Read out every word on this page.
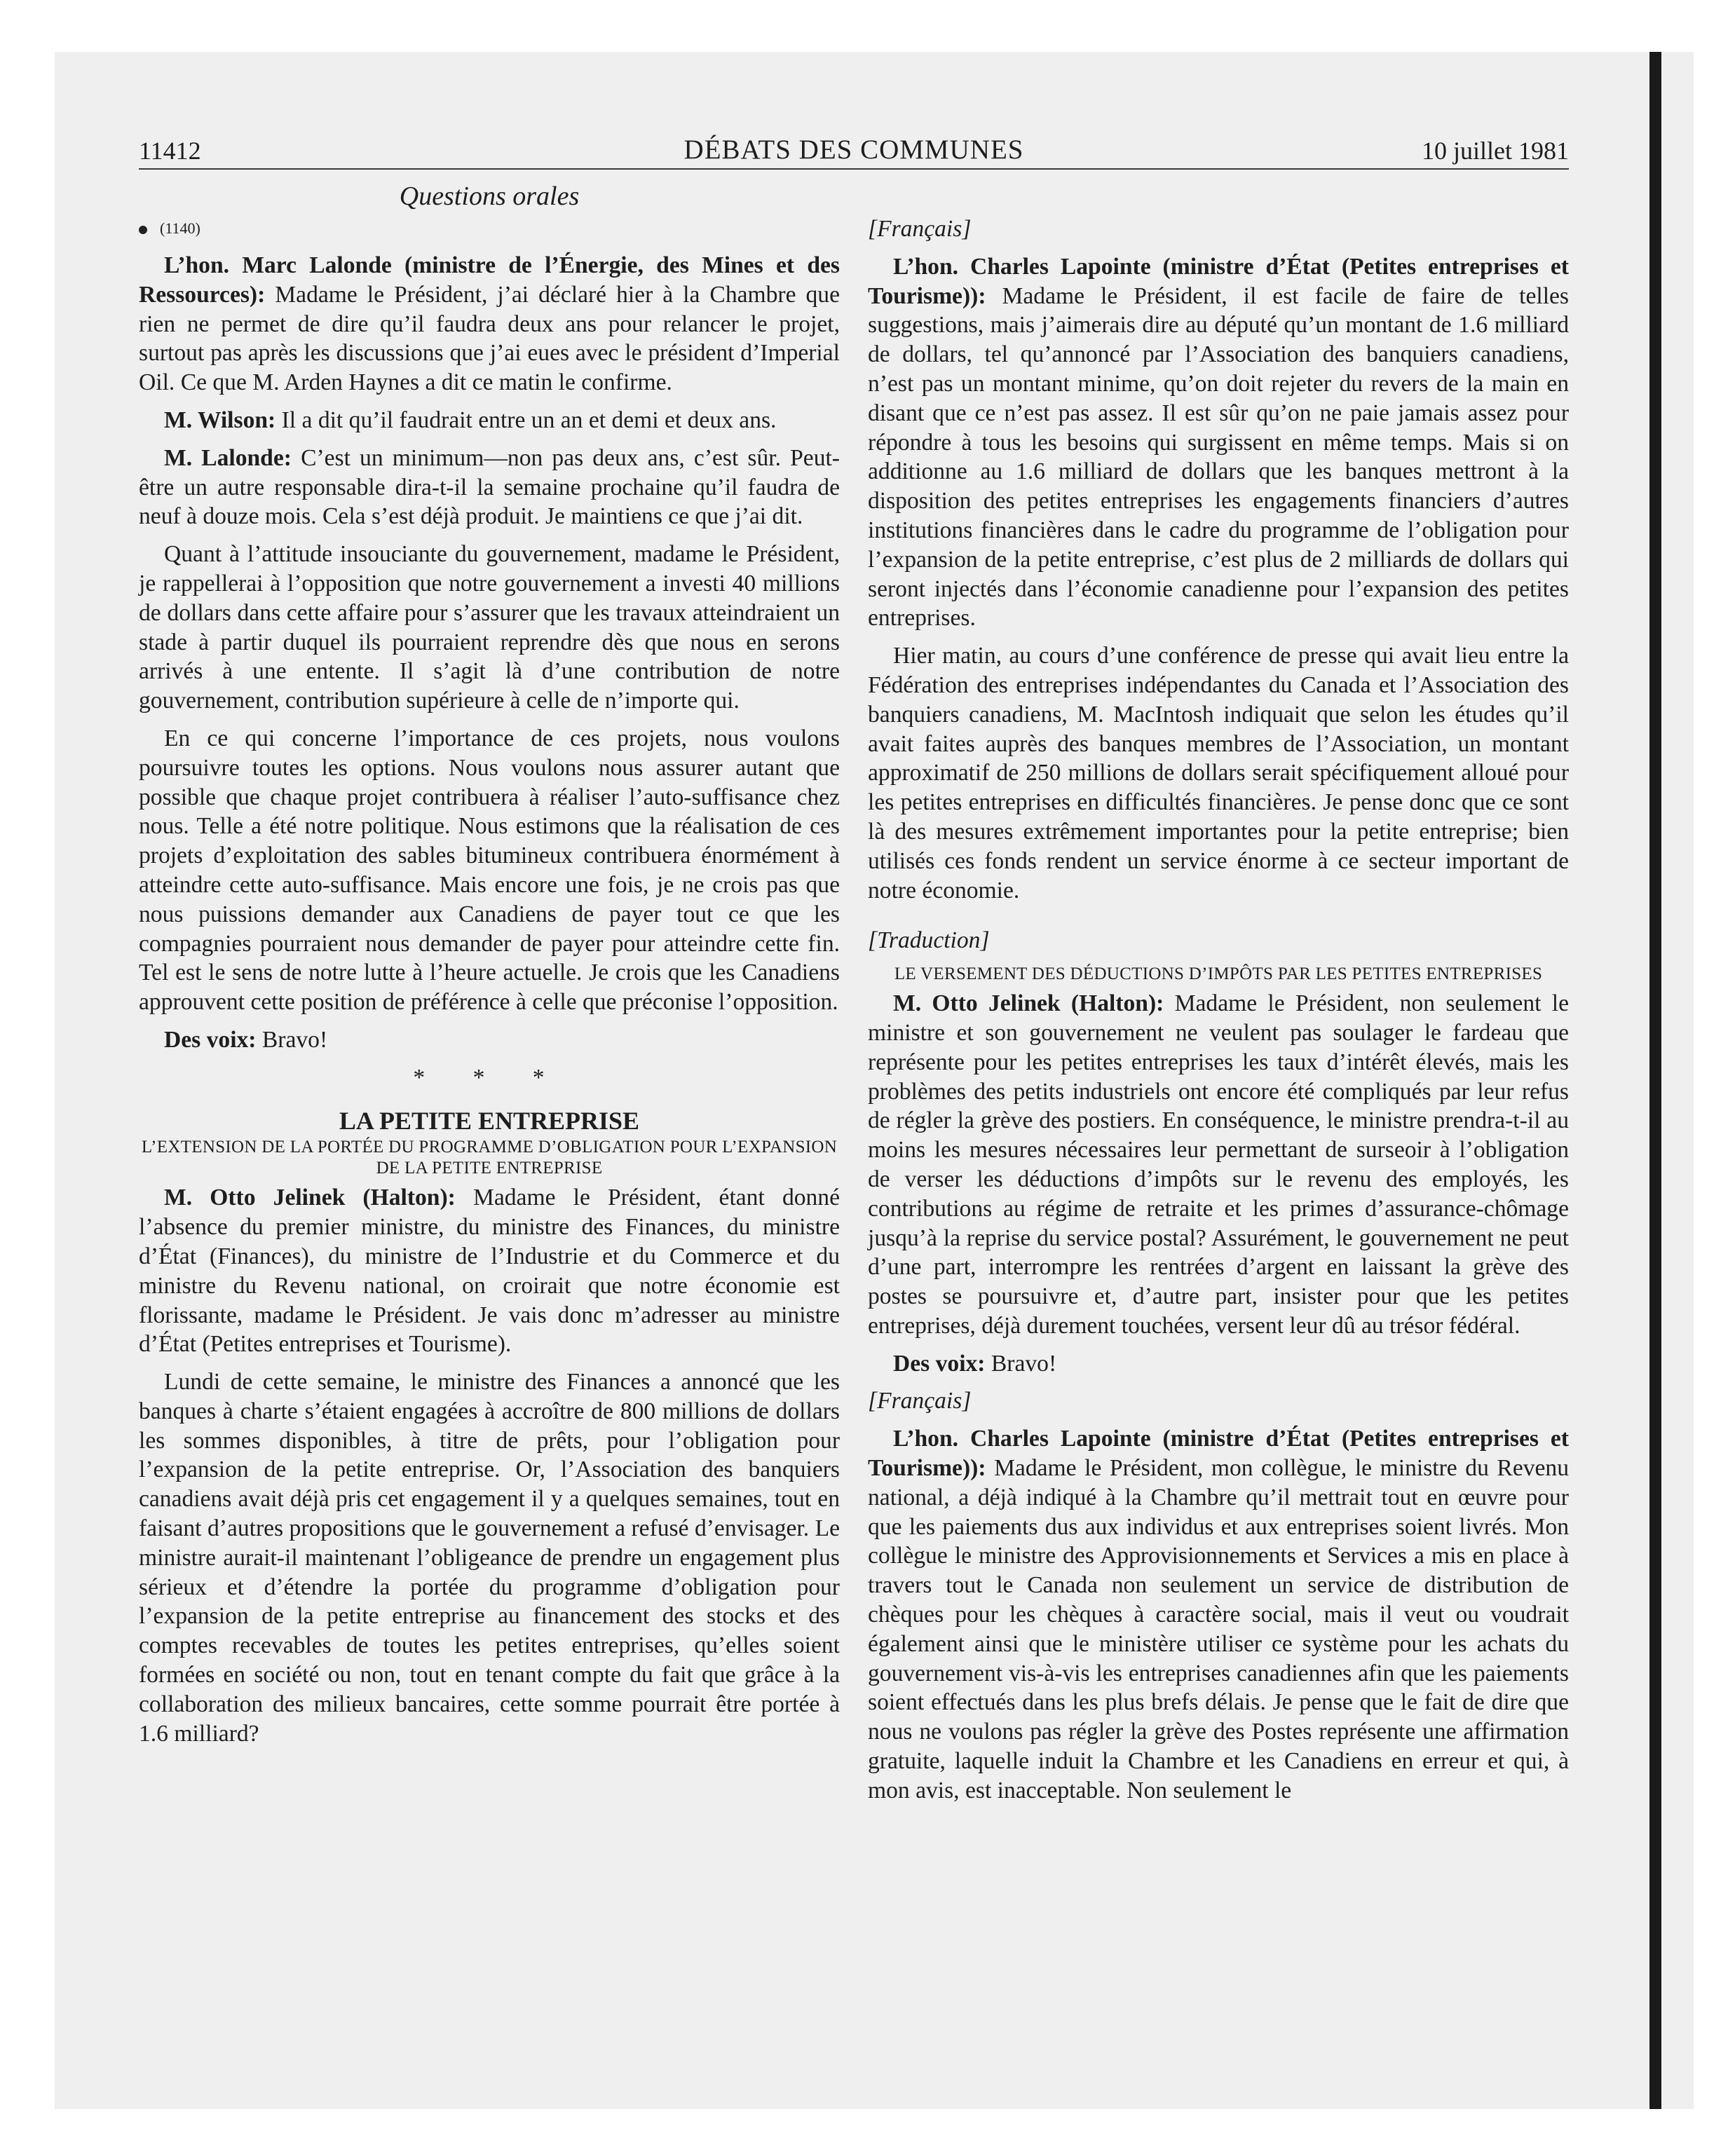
11412	DÉBATS DES COMMUNES	10 juillet 1981
Questions orales

(1140)

L’hon. Marc Lalonde (ministre de l’Énergie, des Mines et des Ressources): Madame le Président, j’ai déclaré hier à la Chambre que rien ne permet de dire qu’il faudra deux ans pour relancer le projet, surtout pas après les discussions que j’ai eues avec le président d’Imperial Oil. Ce que M. Arden Haynes a dit ce matin le confirme.

M. Wilson: Il a dit qu’il faudrait entre un an et demi et deux ans.

M. Lalonde: C’est un minimum—non pas deux ans, c’est sûr. Peut-être un autre responsable dira-t-il la semaine prochaine qu’il faudra de neuf à douze mois. Cela s’est déjà produit. Je maintiens ce que j’ai dit.

Quant à l’attitude insouciante du gouvernement, madame le Président, je rappellerai à l’opposition que notre gouvernement a investi 40 millions de dollars dans cette affaire pour s’assurer que les travaux atteindraient un stade à partir duquel ils pourraient reprendre dès que nous en serons arrivés à une entente. Il s’agit là d’une contribution de notre gouvernement, contribution supérieure à celle de n’importe qui.

En ce qui concerne l’importance de ces projets, nous voulons poursuivre toutes les options. Nous voulons nous assurer autant que possible que chaque projet contribuera à réaliser l’auto-suffisance chez nous. Telle a été notre politique. Nous estimons que la réalisation de ces projets d’exploitation des sables bitumineux contribuera énormément à atteindre cette auto-suffisance. Mais encore une fois, je ne crois pas que nous puissions demander aux Canadiens de payer tout ce que les compagnies pourraient nous demander de payer pour atteindre cette fin. Tel est le sens de notre lutte à l’heure actuelle. Je crois que les Canadiens approuvent cette position de préférence à celle que préconise l’opposition.

Des voix: Bravo!

* * *
LA PETITE ENTREPRISE
L’EXTENSION DE LA PORTÉE DU PROGRAMME D’OBLIGATION POUR L’EXPANSION DE LA PETITE ENTREPRISE

M. Otto Jelinek (Halton): Madame le Président, étant donné l’absence du premier ministre, du ministre des Finances, du ministre d’État (Finances), du ministre de l’Industrie et du Commerce et du ministre du Revenu national, on croirait que notre économie est florissante, madame le Président. Je vais donc m’adresser au ministre d’État (Petites entreprises et Tourisme).

Lundi de cette semaine, le ministre des Finances a annoncé que les banques à charte s’étaient engagées à accroître de 800 millions de dollars les sommes disponibles, à titre de prêts, pour l’obligation pour l’expansion de la petite entreprise. Or, l’Association des banquiers canadiens avait déjà pris cet engagement il y a quelques semaines, tout en faisant d’autres propositions que le gouvernement a refusé d’envisager. Le ministre aurait-il maintenant l’obligeance de prendre un engagement plus sérieux et d’étendre la portée du programme d’obligation pour l’expansion de la petite entreprise au financement des stocks et des comptes recevables de toutes les petites entreprises, qu’elles soient formées en société ou non, tout en tenant compte du fait que grâce à la collaboration des milieux bancaires, cette somme pourrait être portée à 1.6 milliard?

[Français]

L’hon. Charles Lapointe (ministre d’État (Petites entreprises et Tourisme)): Madame le Président, il est facile de faire de telles suggestions, mais j’aimerais dire au député qu’un montant de 1.6 milliard de dollars, tel qu’annoncé par l’Association des banquiers canadiens, n’est pas un montant minime, qu’on doit rejeter du revers de la main en disant que ce n’est pas assez. Il est sûr qu’on ne paie jamais assez pour répondre à tous les besoins qui surgissent en même temps. Mais si on additionne au 1.6 milliard de dollars que les banques mettront à la disposition des petites entreprises les engagements financiers d’autres institutions financières dans le cadre du programme de l’obligation pour l’expansion de la petite entreprise, c’est plus de 2 milliards de dollars qui seront injectés dans l’économie canadienne pour l’expansion des petites entreprises.

Hier matin, au cours d’une conférence de presse qui avait lieu entre la Fédération des entreprises indépendantes du Canada et l’Association des banquiers canadiens, M. MacIntosh indiquait que selon les études qu’il avait faites auprès des banques membres de l’Association, un montant approximatif de 250 millions de dollars serait spécifiquement alloué pour les petites entreprises en difficultés financières. Je pense donc que ce sont là des mesures extrêmement importantes pour la petite entreprise; bien utilisés ces fonds rendent un service énorme à ce secteur important de notre économie.

[Traduction]

LE VERSEMENT DES DÉDUCTIONS D’IMPÔTS PAR LES PETITES ENTREPRISES

M. Otto Jelinek (Halton): Madame le Président, non seulement le ministre et son gouvernement ne veulent pas soulager le fardeau que représente pour les petites entreprises les taux d’intérêt élevés, mais les problèmes des petits industriels ont encore été compliqués par leur refus de régler la grève des postiers. En conséquence, le ministre prendra-t-il au moins les mesures nécessaires leur permettant de surseoir à l’obligation de verser les déductions d’impôts sur le revenu des employés, les contributions au régime de retraite et les primes d’assurance-chômage jusqu’à la reprise du service postal? Assurément, le gouvernement ne peut d’une part, interrompre les rentrées d’argent en laissant la grève des postes se poursuivre et, d’autre part, insister pour que les petites entreprises, déjà durement touchées, versent leur dû au trésor fédéral.

Des voix: Bravo!

[Français]

L’hon. Charles Lapointe (ministre d’État (Petites entreprises et Tourisme)): Madame le Président, mon collègue, le ministre du Revenu national, a déjà indiqué à la Chambre qu’il mettrait tout en œuvre pour que les paiements dus aux individus et aux entreprises soient livrés. Mon collègue le ministre des Approvisionnements et Services a mis en place à travers tout le Canada non seulement un service de distribution de chèques pour les chèques à caractère social, mais il veut ou voudrait également ainsi que le ministère utiliser ce système pour les achats du gouvernement vis-à-vis les entreprises canadiennes afin que les paiements soient effectués dans les plus brefs délais. Je pense que le fait de dire que nous ne voulons pas régler la grève des Postes représente une affirmation gratuite, laquelle induit la Chambre et les Canadiens en erreur et qui, à mon avis, est inacceptable. Non seulement le
